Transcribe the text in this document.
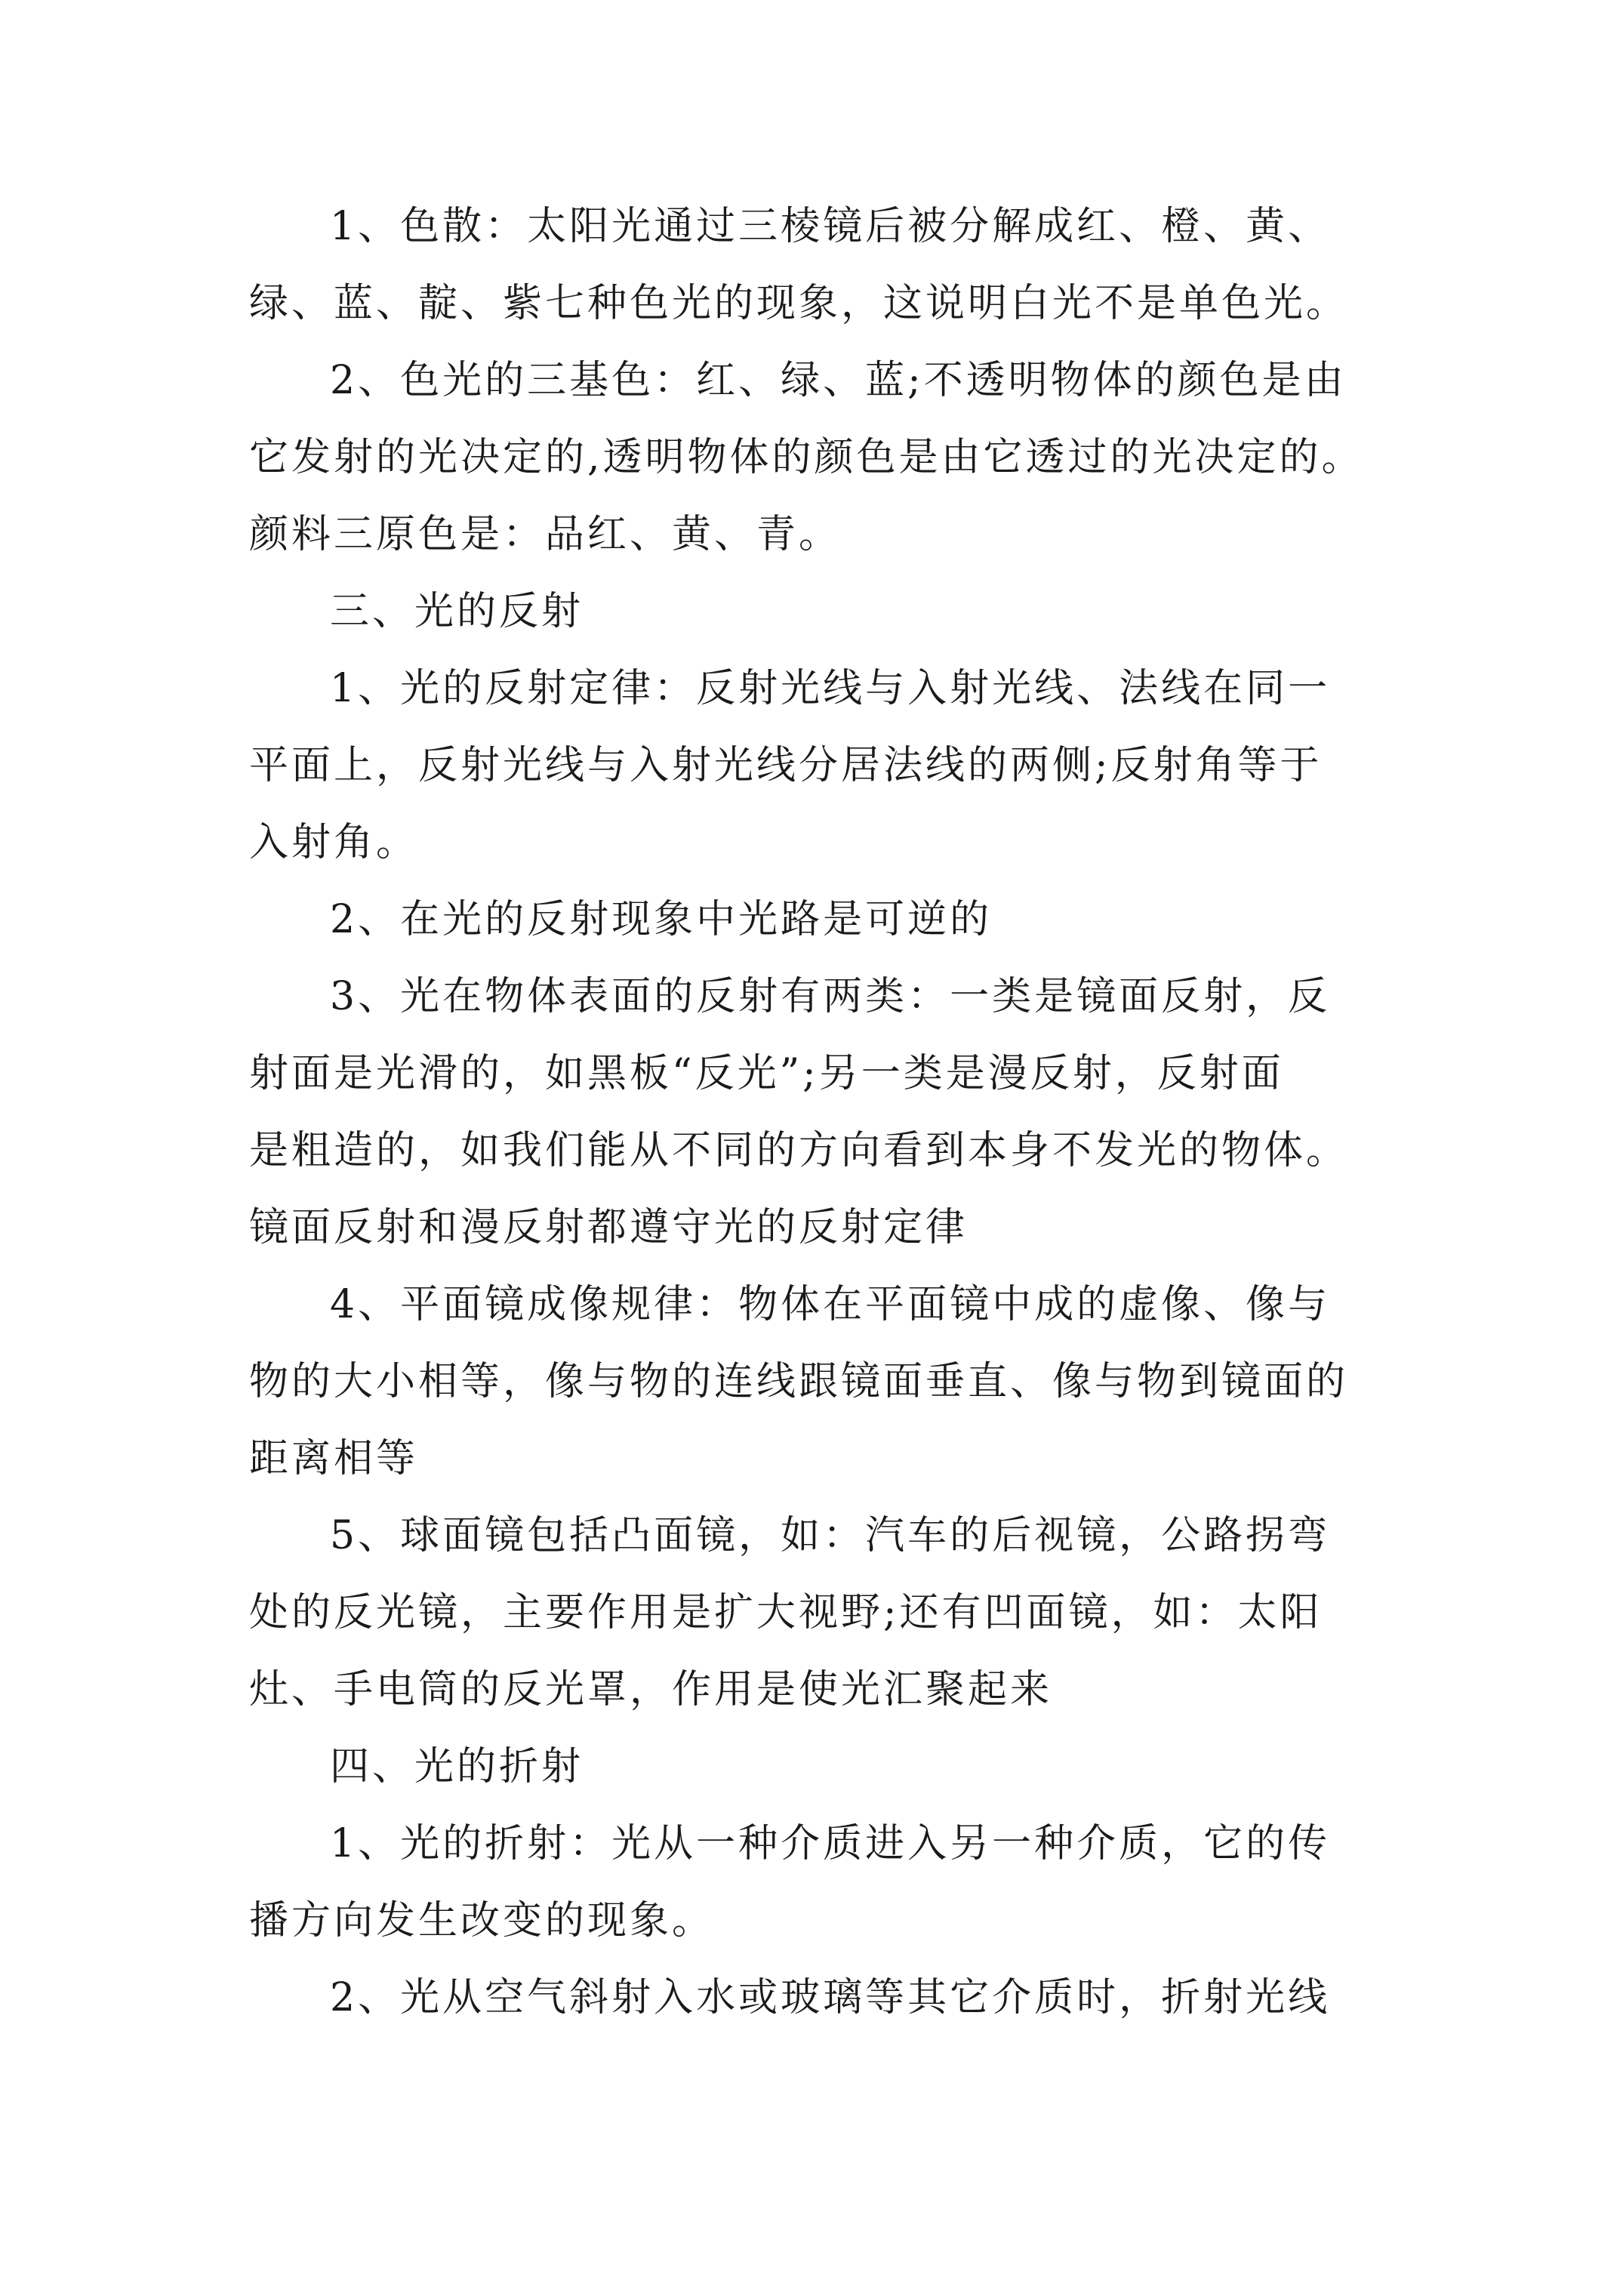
1、色散：太阳光通过三棱镜后被分解成红、橙、黄、
绿、蓝、靛、紫七种色光的现象，这说明白光不是单色光。
2、色光的三基色：红、绿、蓝;不透明物体的颜色是由
它发射的光决定的,透明物体的颜色是由它透过的光决定的。
颜料三原色是：品红、黄、青。
三、光的反射
1、光的反射定律：反射光线与入射光线、法线在同一
平面上，反射光线与入射光线分居法线的两侧;反射角等于
入射角。
2、在光的反射现象中光路是可逆的
3、光在物体表面的反射有两类：一类是镜面反射，反
射面是光滑的，如黑板“反光”;另一类是漫反射，反射面
是粗造的，如我们能从不同的方向看到本身不发光的物体。
镜面反射和漫反射都遵守光的反射定律
4、平面镜成像规律：物体在平面镜中成的虚像、像与
物的大小相等，像与物的连线跟镜面垂直、像与物到镜面的
距离相等
5、球面镜包括凸面镜，如：汽车的后视镜，公路拐弯
处的反光镜，主要作用是扩大视野;还有凹面镜，如：太阳
灶、手电筒的反光罩，作用是使光汇聚起来
四、光的折射
1、光的折射：光从一种介质进入另一种介质，它的传
播方向发生改变的现象。
2、光从空气斜射入水或玻璃等其它介质时，折射光线
